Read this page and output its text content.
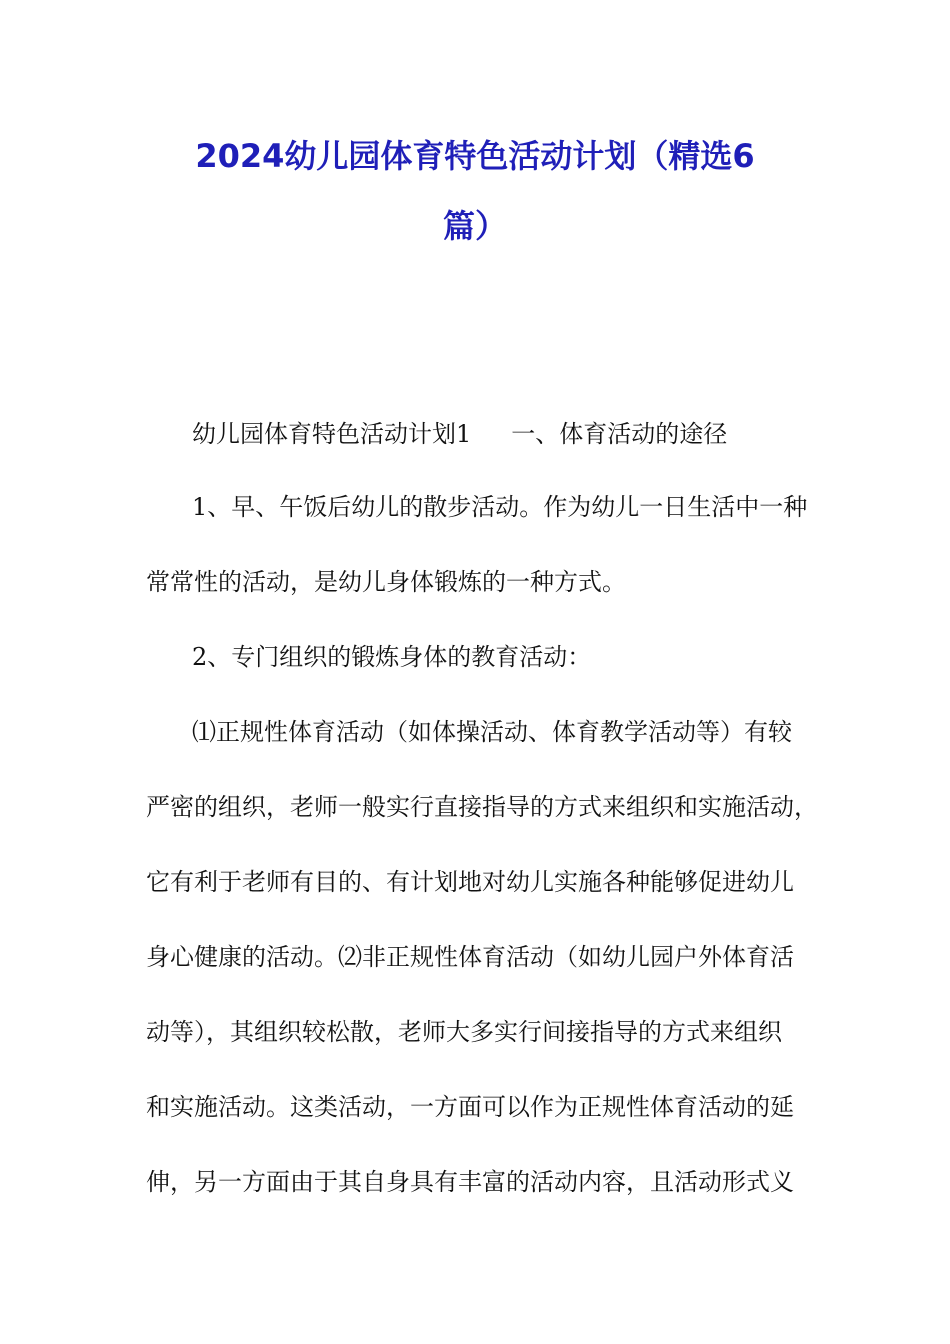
2024幼儿园体育特色活动计划（精选6
篇）
幼儿园体育特色活动计划1 一、体育活动的途径
1、早、午饭后幼儿的散步活动。作为幼儿一日生活中一种
常常性的活动，是幼儿身体锻炼的一种方式。
2、专门组织的锻炼身体的教育活动：
⑴正规性体育活动（如体操活动、体育教学活动等）有较
严密的组织，老师一般实行直接指导的方式来组织和实施活动，
它有利于老师有目的、有计划地对幼儿实施各种能够促进幼儿
身心健康的活动。⑵非正规性体育活动（如幼儿园户外体育活
动等），其组织较松散，老师大多实行间接指导的方式来组织
和实施活动。这类活动，一方面可以作为正规性体育活动的延
伸，另一方面由于其自身具有丰富的活动内容，且活动形式义
